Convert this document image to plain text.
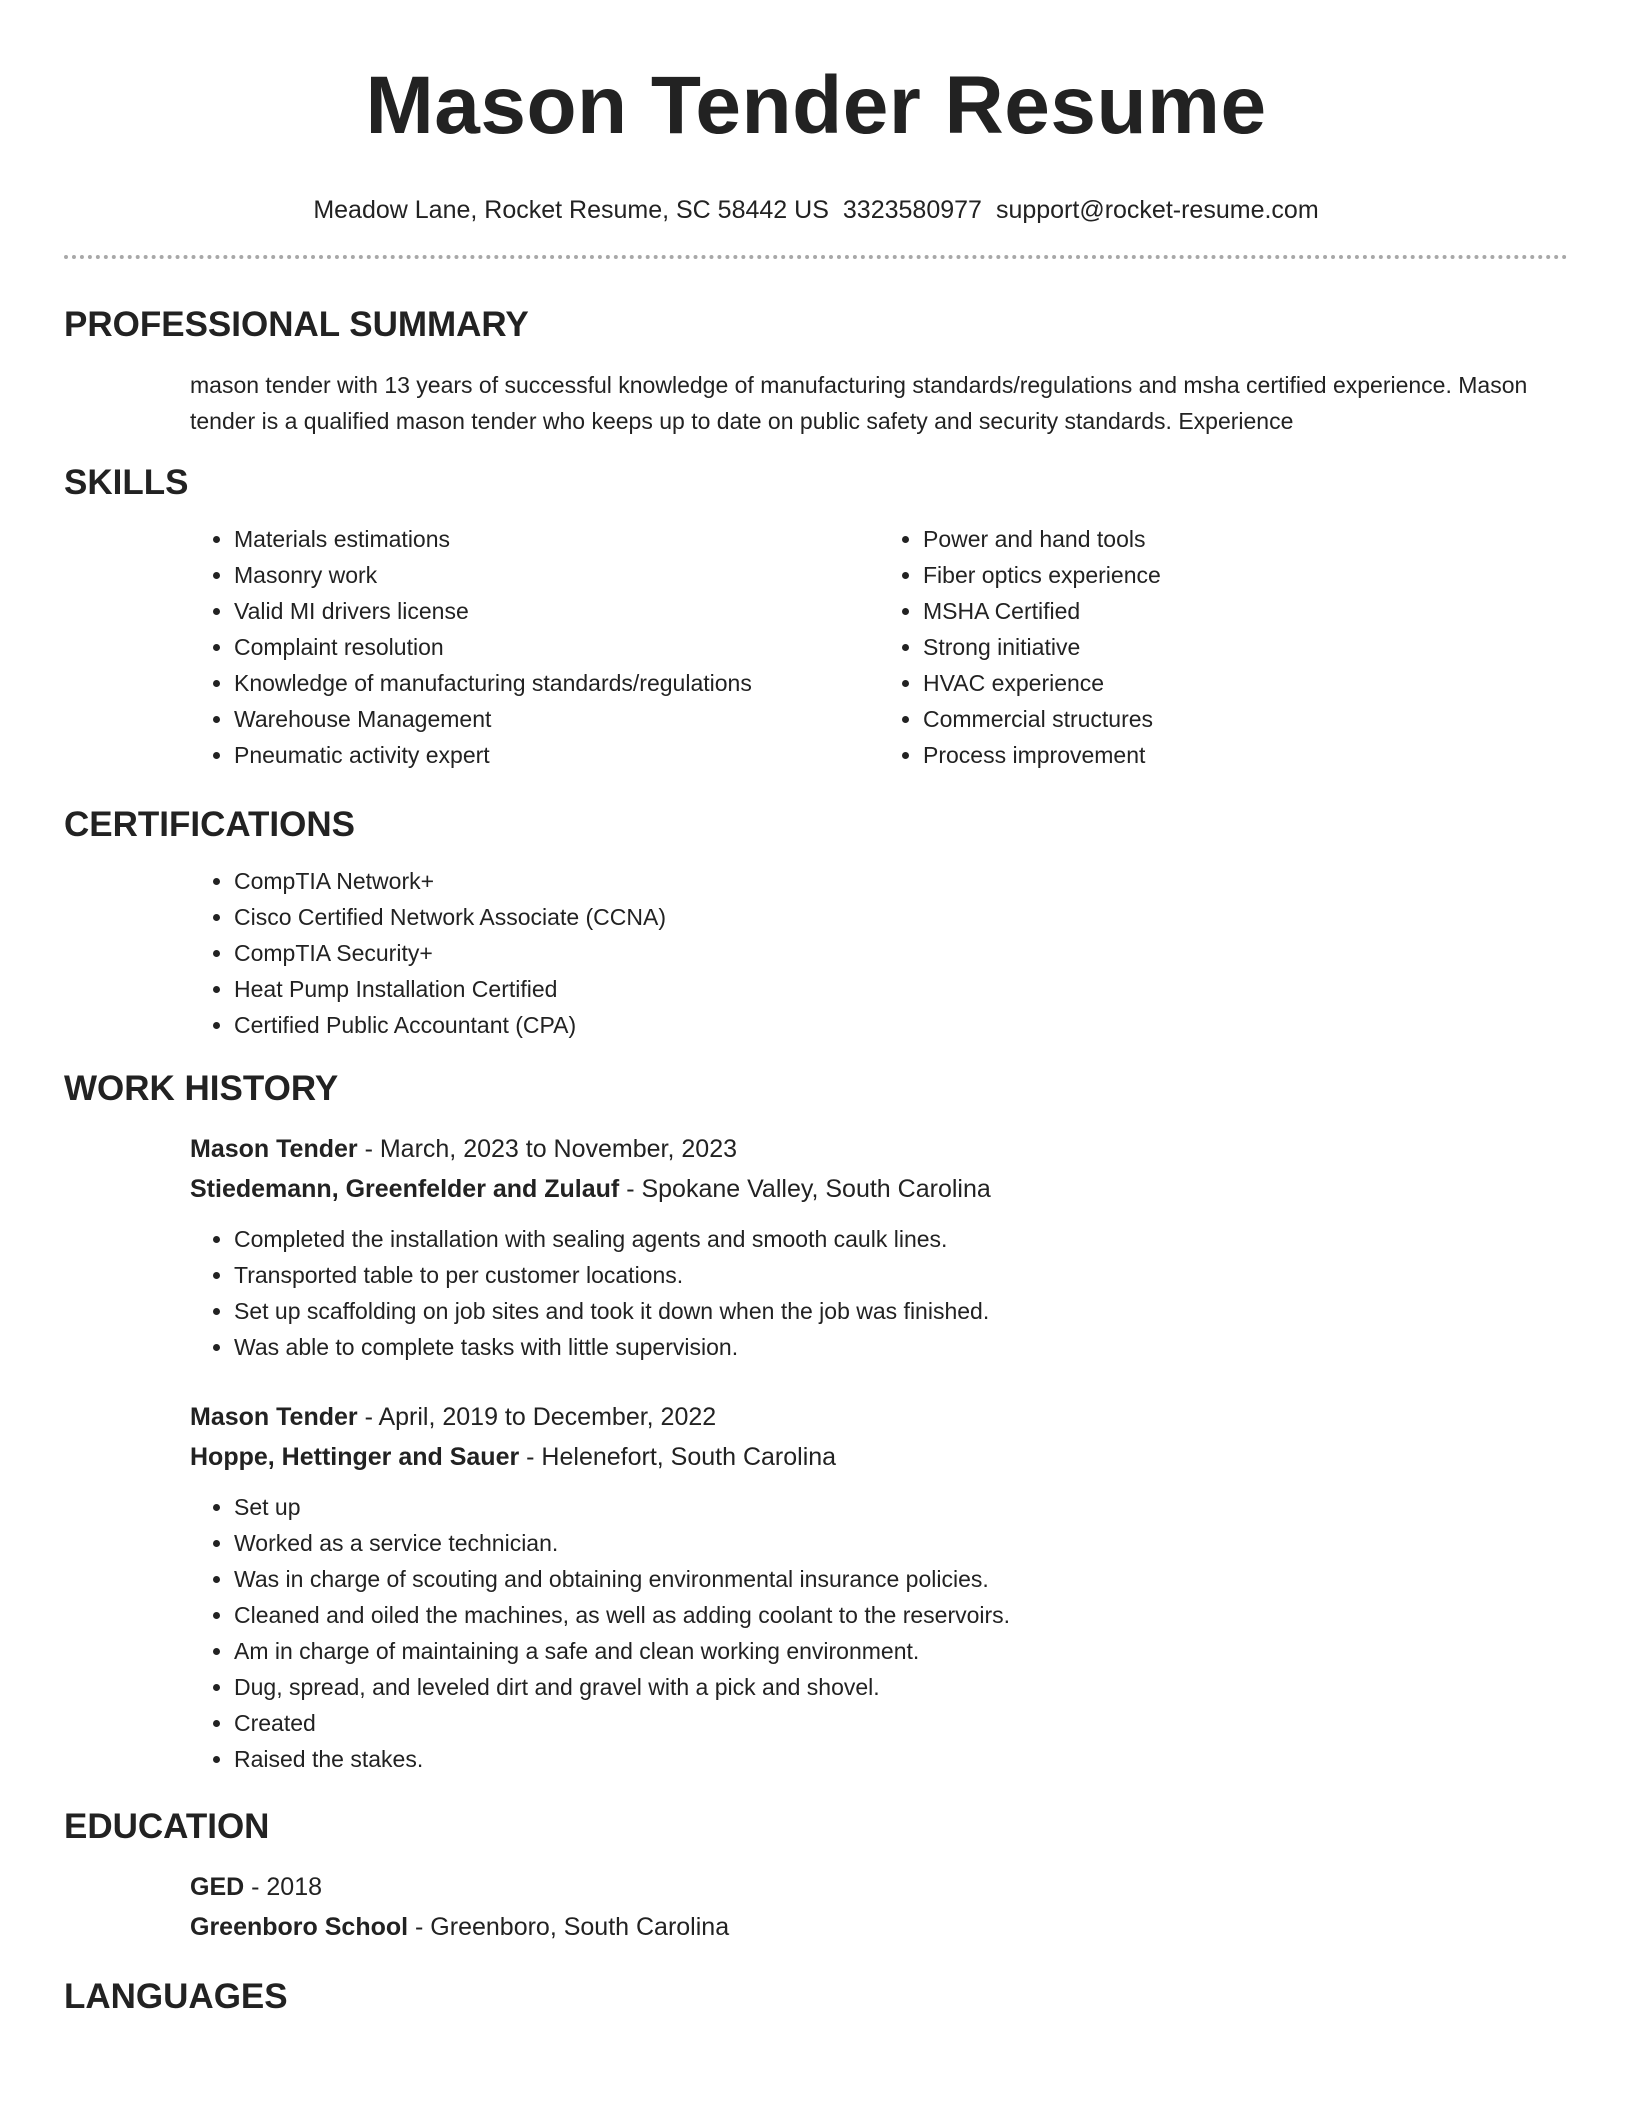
Mason Tender Resume
Meadow Lane, Rocket Resume, SC 58442 US 3323580977 support@rocket-resume.com
PROFESSIONAL SUMMARY

mason tender with 13 years of successful knowledge of manufacturing standards/regulations and msha certified experience. Mason tender is a qualified mason tender who keeps up to date on public safety and security standards. Experience

SKILLS
• Materials estimations
• Masonry work
• Valid MI drivers license
• Complaint resolution
• Knowledge of manufacturing standards/regulations
• Warehouse Management
• Pneumatic activity expert
• Power and hand tools
• Fiber optics experience
• MSHA Certified
• Strong initiative
• HVAC experience
• Commercial structures
• Process improvement
CERTIFICATIONS
• CompTIA Network+
• Cisco Certified Network Associate (CCNA)
• CompTIA Security+
• Heat Pump Installation Certified
• Certified Public Accountant (CPA)
WORK HISTORY
Mason Tender - March, 2023 to November, 2023
Stiedemann, Greenfelder and Zulauf - Spokane Valley, South Carolina
• Completed the installation with sealing agents and smooth caulk lines.
• Transported table to per customer locations.
• Set up scaffolding on job sites and took it down when the job was finished.
• Was able to complete tasks with little supervision.
Mason Tender - April, 2019 to December, 2022
Hoppe, Hettinger and Sauer - Helenefort, South Carolina
• Set up
• Worked as a service technician.
• Was in charge of scouting and obtaining environmental insurance policies.
• Cleaned and oiled the machines, as well as adding coolant to the reservoirs.
• Am in charge of maintaining a safe and clean working environment.
• Dug, spread, and leveled dirt and gravel with a pick and shovel.
• Created
• Raised the stakes.
EDUCATION
GED - 2018
Greenboro School - Greenboro, South Carolina
LANGUAGES
